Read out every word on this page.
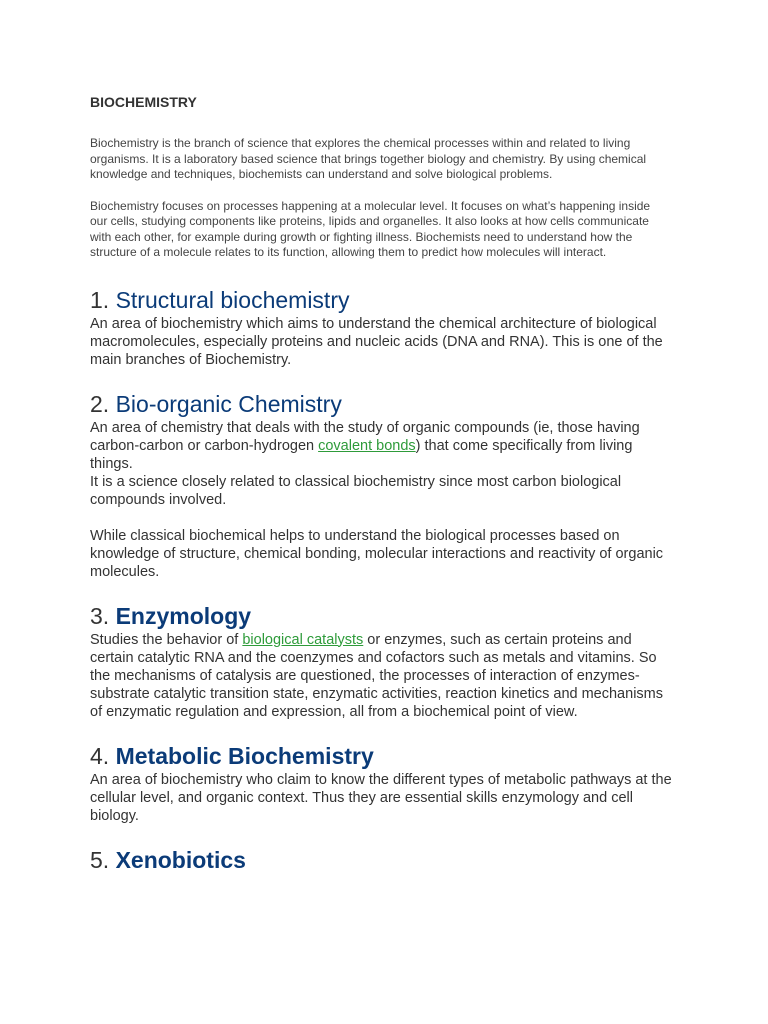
BIOCHEMISTRY

Biochemistry is the branch of science that explores the chemical processes within and related to living organisms. It is a laboratory based science that brings together biology and chemistry. By using chemical knowledge and techniques, biochemists can understand and solve biological problems.

Biochemistry focuses on processes happening at a molecular level. It focuses on what’s happening inside our cells, studying components like proteins, lipids and organelles. It also looks at how cells communicate with each other, for example during growth or fighting illness. Biochemists need to understand how the structure of a molecule relates to its function, allowing them to predict how molecules will interact.

1. Structural biochemistry

An area of biochemistry which aims to understand the chemical architecture of biological macromolecules, especially proteins and nucleic acids (DNA and RNA). This is one of the main branches of Biochemistry.

2. Bio-organic Chemistry

An area of chemistry that deals with the study of organic compounds (ie, those having carbon-carbon or carbon-hydrogen covalent bonds) that come specifically from living things.

It is a science closely related to classical biochemistry since most carbon biological compounds involved.

While classical biochemical helps to understand the biological processes based on knowledge of structure, chemical bonding, molecular interactions and reactivity of organic molecules.

3. Enzymology

Studies the behavior of biological catalysts or enzymes, such as certain proteins and certain catalytic RNA and the coenzymes and cofactors such as metals and vitamins. So the mechanisms of catalysis are questioned, the processes of interaction of enzymes-substrate catalytic transition state, enzymatic activities, reaction kinetics and mechanisms of enzymatic regulation and expression, all from a biochemical point of view.

4. Metabolic Biochemistry

An area of biochemistry who claim to know the different types of metabolic pathways at the cellular level, and organic context. Thus they are essential skills enzymology and cell biology.

5. Xenobiotics
